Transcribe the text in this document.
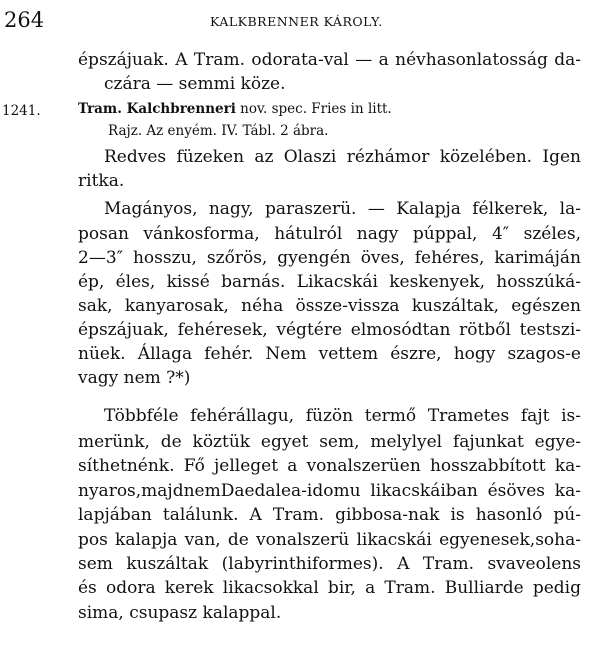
264	KALKBRENNER KÁROLY.
épszájuak. A Tram. odorata-val — a névhasonlatosság da-
czára — semmi köze.
1241.	Tram. Kalchbrenneri nov. spec. Fries in litt.
Rajz. Az enyém. IV. Tábl. 2 ábra.
Redves füzeken az Olaszi rézhámor közelében. Igen
ritka.
Magányos, nagy, paraszerü. — Kalapja félkerek, la-
posan vánkosforma, hátulról nagy púppal, 4″ széles,
2—3″ hosszu, szőrös, gyengén öves, fehéres, karimáján
ép, éles, kissé barnás. Likacskái keskenyek, hosszúká-
sak, kanyarosak, néha össze-vissza kuszáltak, egészen
épszájuak, fehéresek, végtére elmosódtan rötből testszi-
nüek. Állaga fehér. Nem vettem észre, hogy szagos-e
vagy nem ?*)
Többféle fehérállagu, füzön termő Trametes fajt is-
merünk, de köztük egyet sem, melylyel fajunkat egye-
síthetnénk. Fő jelleget a vonalszerüen hosszabbított ka-
nyaros,majdnemDaedalea-idomu likacskáiban ésöves ka-
lapjában találunk. A Tram. gibbosa-nak is hasonló pú-
pos kalapja van, de vonalszerü likacskái egyenesek,soha-
sem kuszáltak (labyrinthiformes). A Tram. svaveolens
és odora kerek likacsokkal bir, a Tram. Bulliarde pedig
sima, csupasz kalappal.
